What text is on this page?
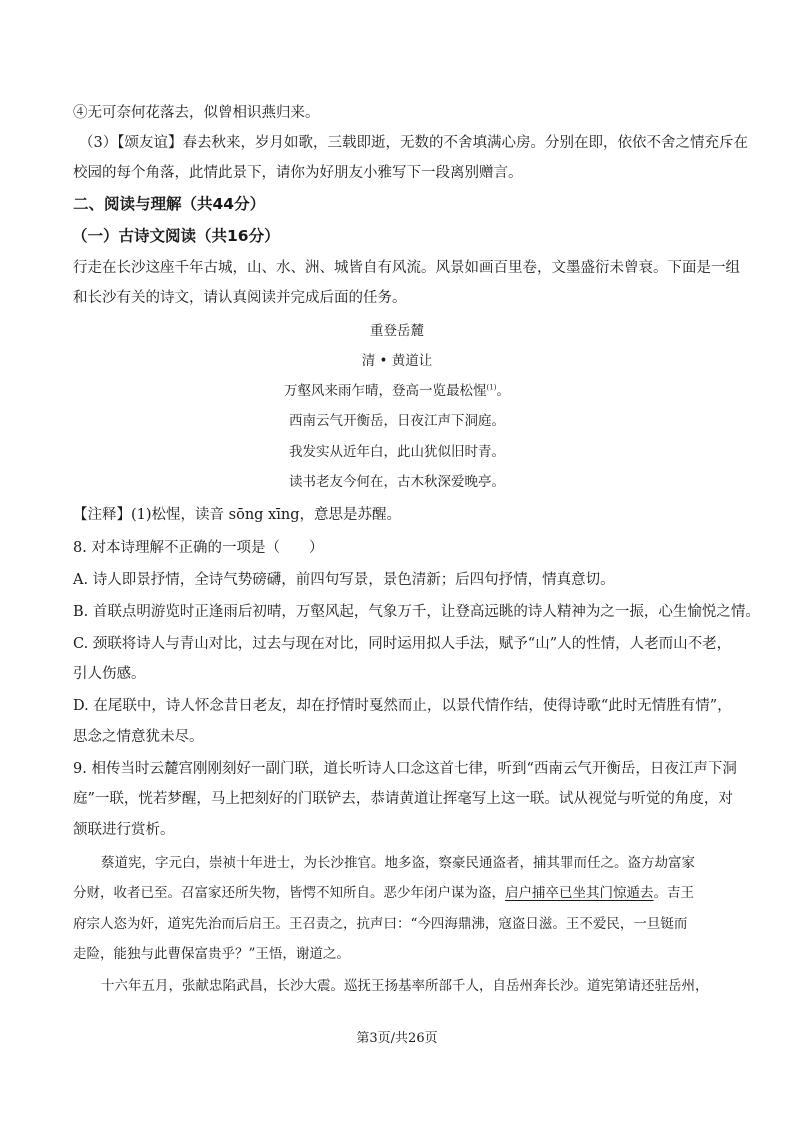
④无可奈何花落去，似曾相识燕归来。
（3）【颂友谊】春去秋来，岁月如歌，三载即逝，无数的不舍填满心房。分别在即，依依不舍之情充斥在
校园的每个角落，此情此景下，请你为好朋友小雅写下一段离别赠言。
二、阅读与理解（共44分）
（一）古诗文阅读（共16分）
行走在长沙这座千年古城，山、水、洲、城皆自有风流。风景如画百里卷，文墨盛衍未曾衰。下面是一组
和长沙有关的诗文，请认真阅读并完成后面的任务。
重登岳麓
清 • 黄道让
万壑风来雨乍晴，登高一览最松惺$^{(1)}$。
西南云气开衡岳，日夜江声下洞庭。
我发实从近年白，此山犹似旧时青。
读书老友今何在，古木秋深爱晚亭。
【注释】(1)松惺，读音 sōng xīng，意思是苏醒。
8. 对本诗理解不正确的一项是（　　）
A. 诗人即景抒情，全诗气势磅礴，前四句写景，景色清新；后四句抒情，情真意切。
B. 首联点明游览时正逢雨后初晴，万壑风起，气象万千，让登高远眺的诗人精神为之一振，心生愉悦之情。
C. 颈联将诗人与青山对比，过去与现在对比，同时运用拟人手法，赋予“山”人的性情，人老而山不老，
引人伤感。
D. 在尾联中，诗人怀念昔日老友，却在抒情时戛然而止，以景代情作结，使得诗歌“此时无情胜有情”，
思念之情意犹未尽。
9. 相传当时云麓宫刚刚刻好一副门联，道长听诗人口念这首七律，听到“西南云气开衡岳，日夜江声下洞
庭”一联，恍若梦醒，马上把刻好的门联铲去，恭请黄道让挥毫写上这一联。试从视觉与听觉的角度，对
颔联进行赏析。
蔡道宪，字元白，崇祯十年进士，为长沙推官。地多盗，察豪民通盗者，捕其罪而任之。盗方劫富家
分财，收者已至。召富家还所失物，皆愕不知所自。恶少年闭户谋为盗，启户捕卒已坐其门惊遁去。吉王
府宗人恣为奸，道宪先治而后启王。王召责之，抗声曰：“今四海鼎沸，寇盗日滋。王不爱民，一旦铤而
走险，能独与此曹保富贵乎？”王悟，谢道之。
十六年五月，张献忠陷武昌，长沙大震。巡抚王扬基率所部千人，自岳州奔长沙。道宪第请还驻岳州，
第3页/共26页
